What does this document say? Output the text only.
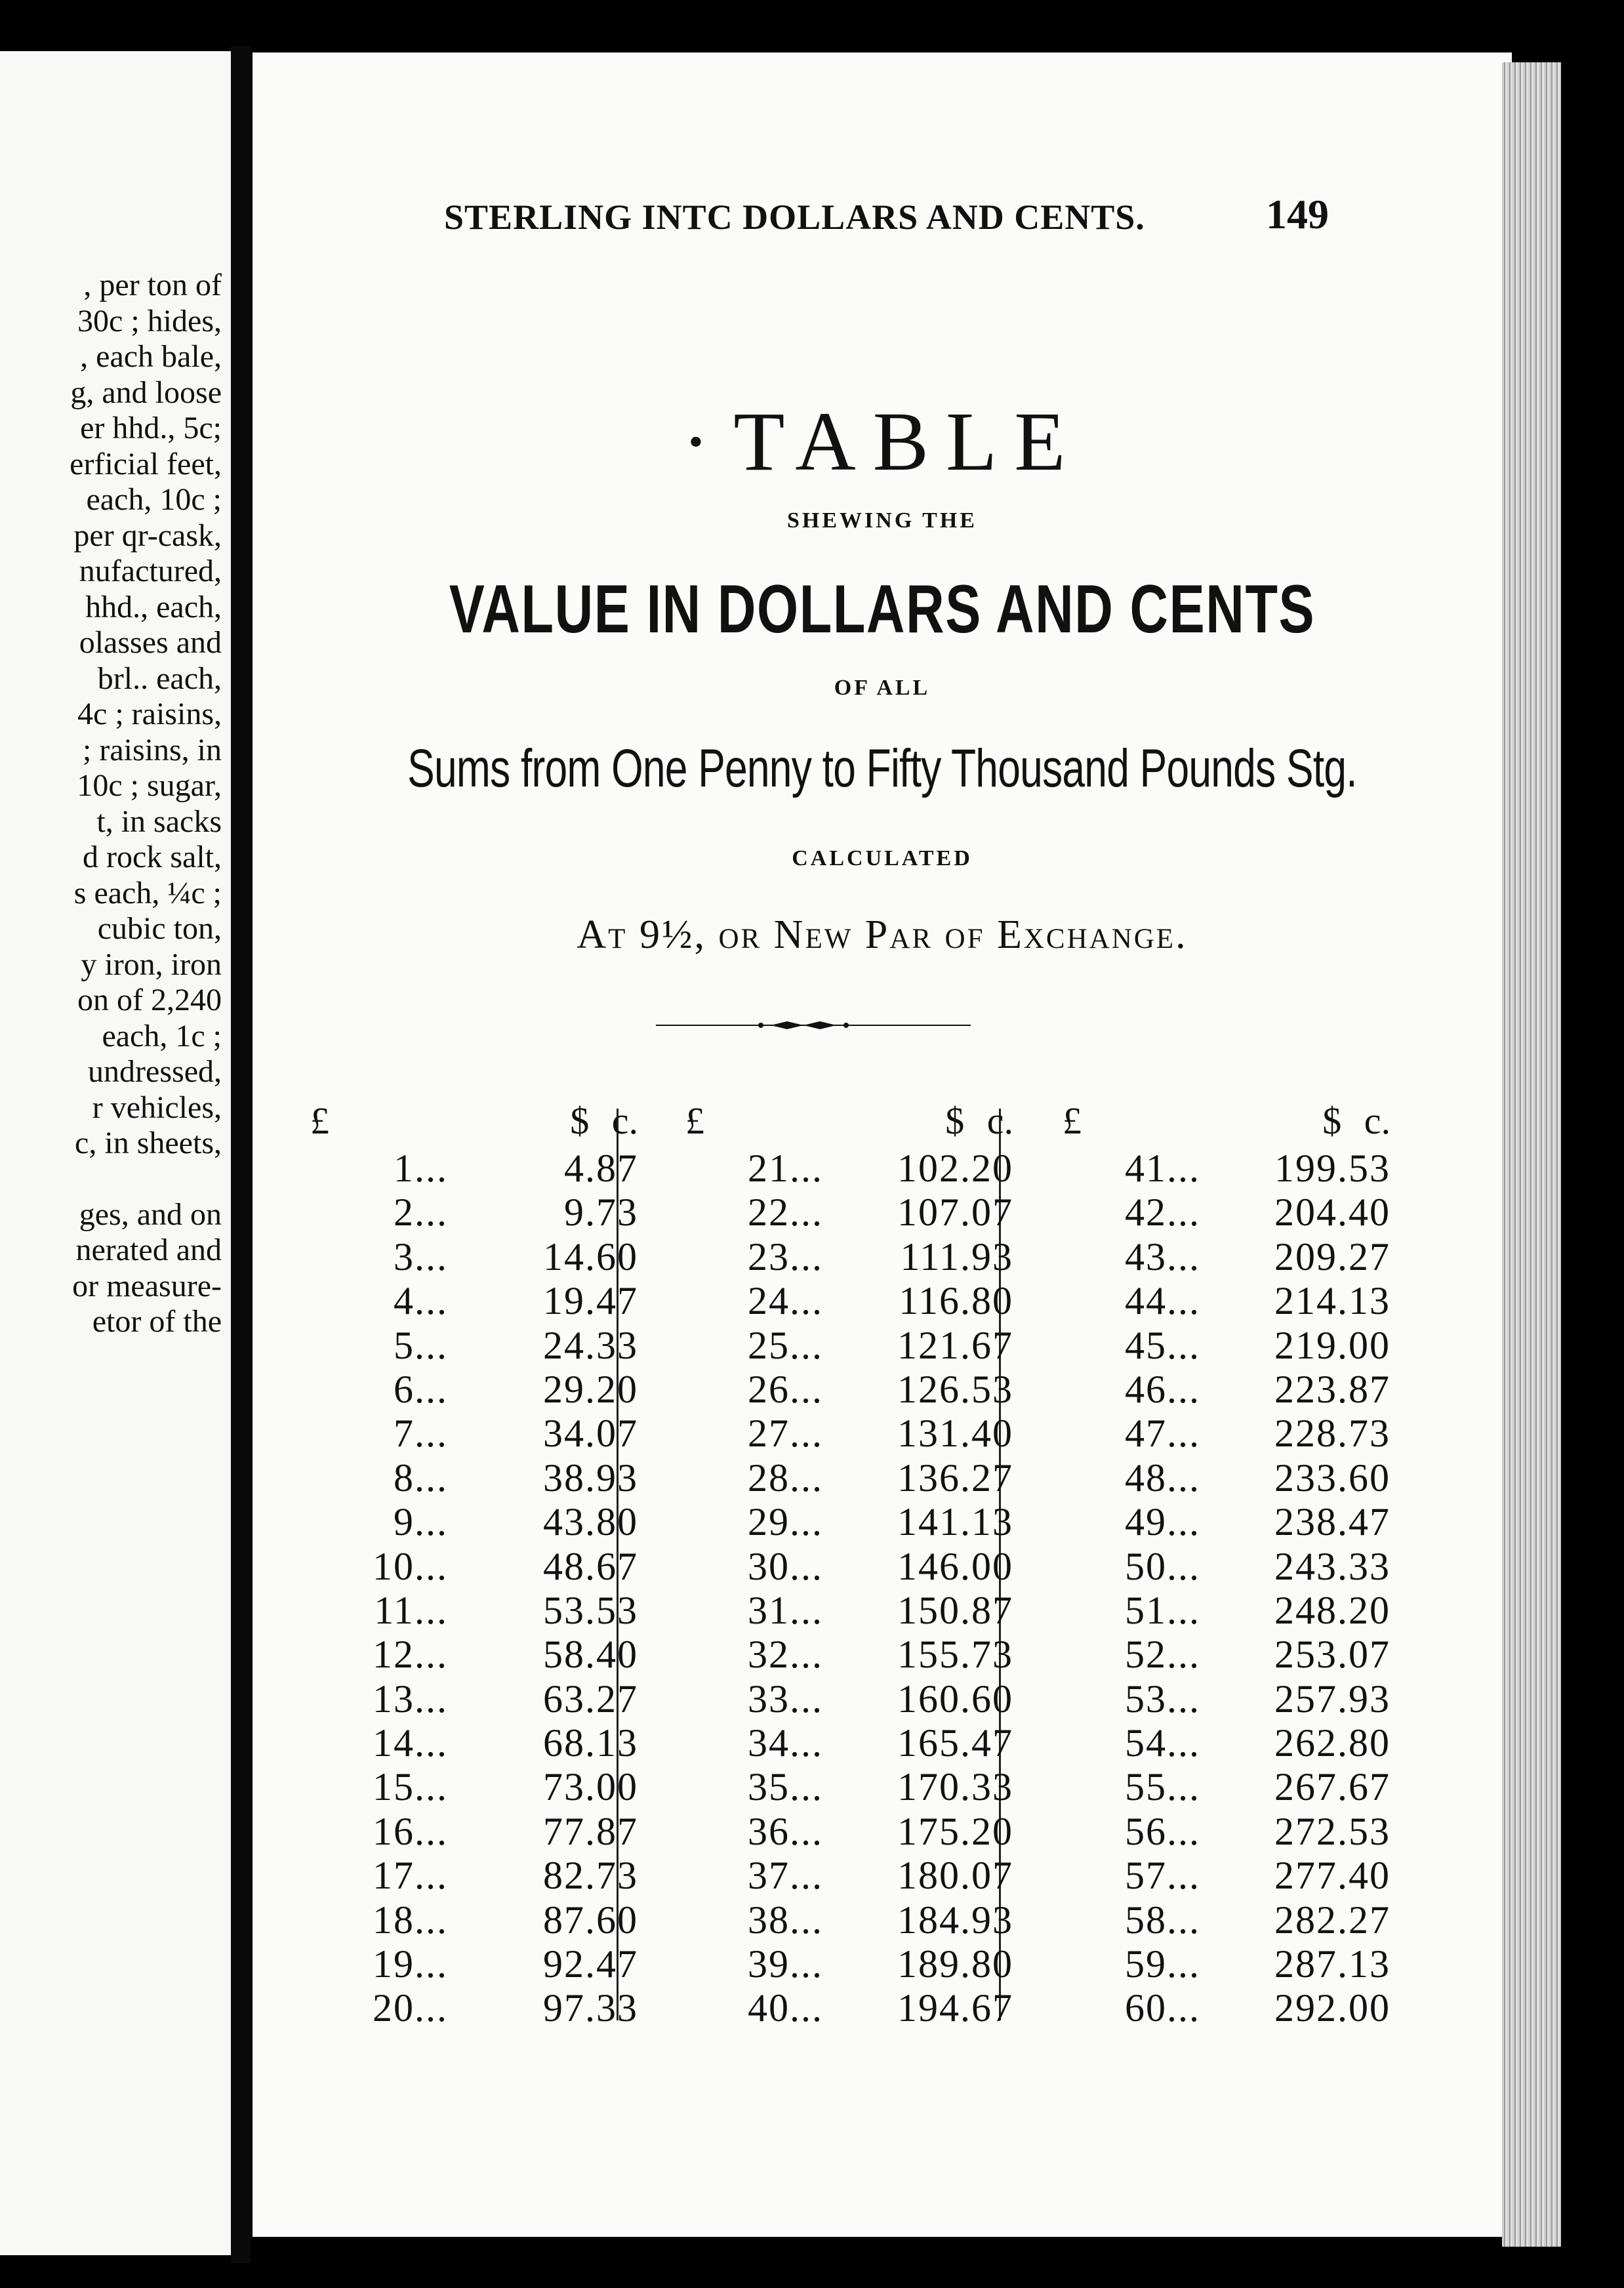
, per ton of
30c ; hides,
, each bale,
g, and loose
er hhd., 5c;
erficial feet,
each, 10c ;
per qr-cask,
nufactured,
hhd., each,
olasses and
brl.. each,
4c ; raisins,
; raisins, in
10c ; sugar,
t, in sacks
d rock salt,
s each, ¼c ;
cubic ton,
y iron, iron
on of 2,240
each, 1c ;
undressed,
r vehicles,
c, in sheets,
ges, and on
nerated and
or measure-
etor of the
STERLING INTC DOLLARS AND CENTS.	149
· TABLE
SHEWING THE
VALUE IN DOLLARS AND CENTS
OF ALL
Sums from One Penny to Fifty Thousand Pounds Stg.
CALCULATED
At 9½, or New Par of Exchange.
£	$ c.
1...	4.87
2...	9.73
3... 14.60
4... 19.47
5... 24.33
6... 29.20
7... 34.07
8... 38.93
9... 43.80
10... 48.67
11... 53.53
12... 58.40
13... 63.27
14... 68.13
15... 73.00
16... 77.87
17... 82.73
18... 87.60
19... 92.47
20... 97.33
£	$ c.
21... 102.20
22... 107.07
23... 111.93
24... 116.80
25... 121.67
26... 126.53
27... 131.40
28... 136.27
29... 141.13
30... 146.00
31... 150.87
32... 155.73
33... 160.60
34... 165.47
35... 170.33
36... 175.20
37... 180.07
38... 184.93
39... 189.80
40... 194.67
£	$ c.
41... 199.53
42... 204.40
43... 209.27
44... 214.13
45... 219.00
46... 223.87
47... 228.73
48... 233.60
49... 238.47
50... 243.33
51... 248.20
52... 253.07
53... 257.93
54... 262.80
55... 267.67
56... 272.53
57... 277.40
58... 282.27
59... 287.13
60... 292.00
